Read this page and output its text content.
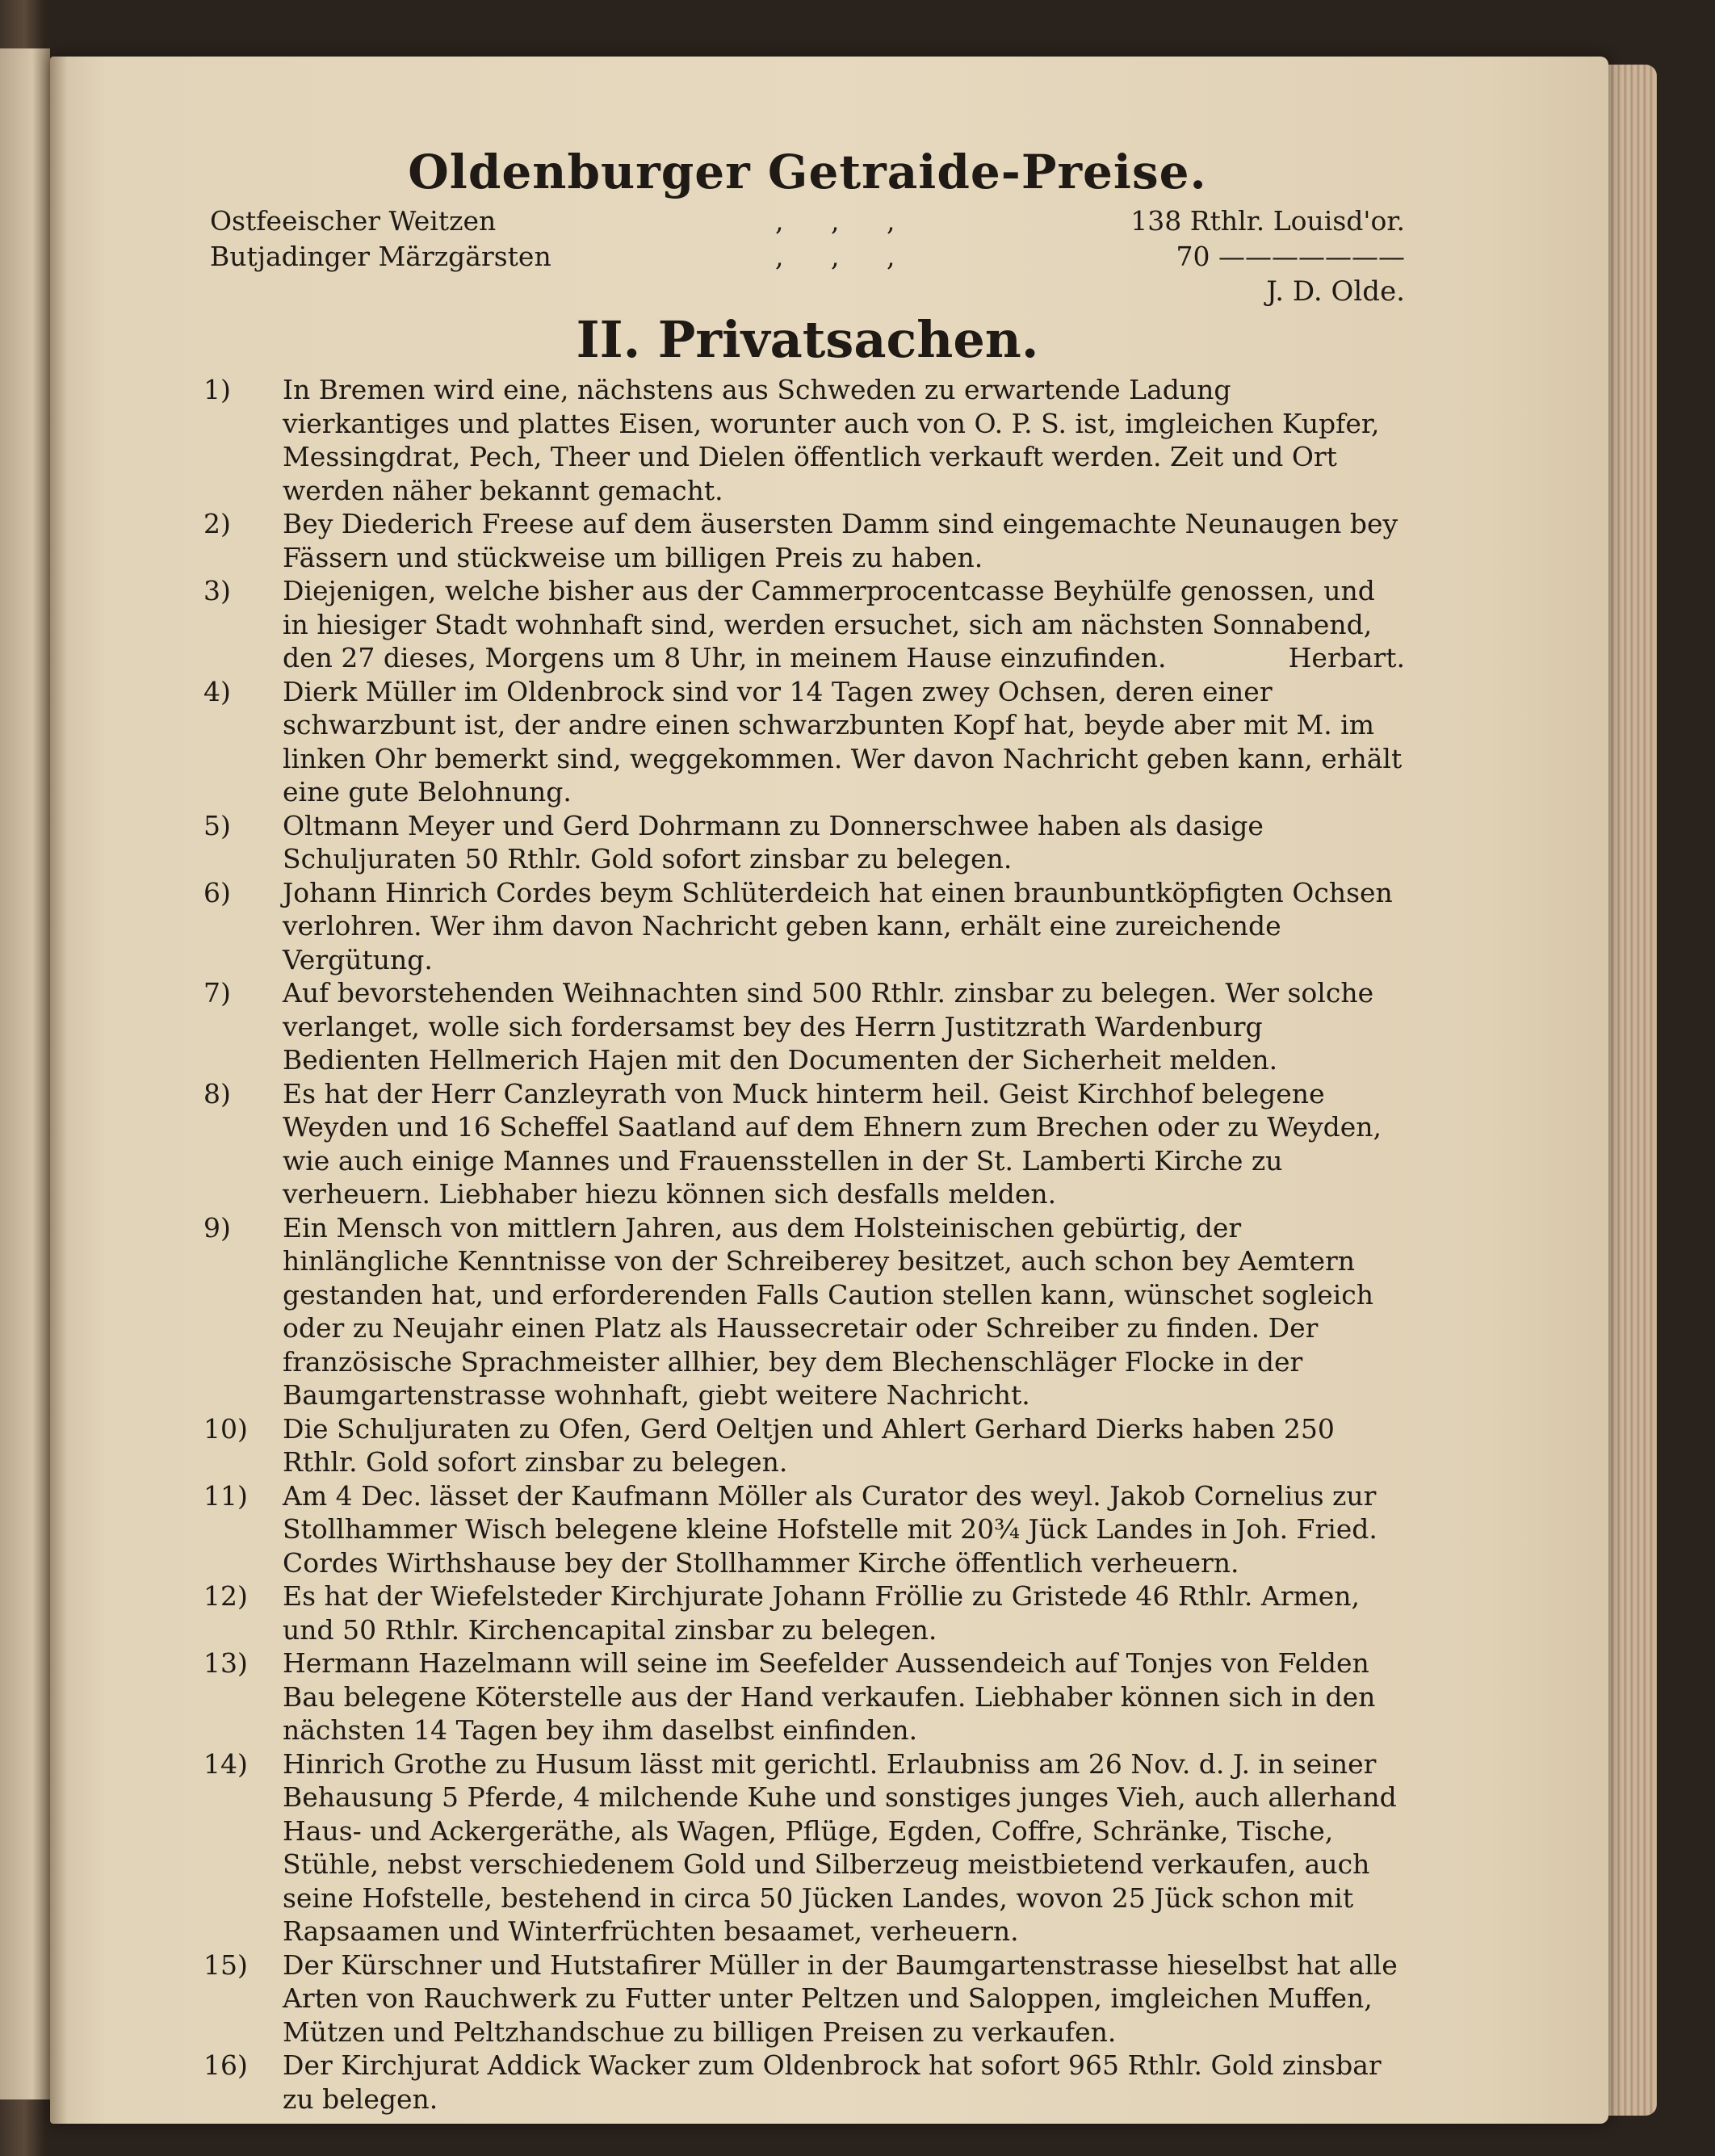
Oldenburger Getraide-Preise.
Ostfeeischer Weitzen	, , ,	138 Rthlr. Louisd'or.
Butjadinger Märzgärsten	, , ,	70 ———————
J. D. Olde.
II. Privatsachen.
1)	In Bremen wird eine, nächstens aus Schweden zu erwartende Ladung vierkantiges und plattes Eisen, worunter auch von O. P. S. ist, imgleichen Kupfer, Messingdrat, Pech, Theer und Dielen öffentlich verkauft werden. Zeit und Ort werden näher bekannt gemacht.
2)	Bey Diederich Freese auf dem äusersten Damm sind eingemachte Neunaugen bey Fässern und stückweise um billigen Preis zu haben.
3)	Diejenigen, welche bisher aus der Cammerprocentcasse Beyhülfe genossen, und in hiesiger Stadt wohnhaft sind, werden ersuchet, sich am nächsten Sonnabend, den 27 dieses, Morgens um 8 Uhr, in meinem Hause einzufinden.	Herbart.
4)	Dierk Müller im Oldenbrock sind vor 14 Tagen zwey Ochsen, deren einer schwarzbunt ist, der andre einen schwarzbunten Kopf hat, beyde aber mit M. im linken Ohr bemerkt sind, weggekommen. Wer davon Nachricht geben kann, erhält eine gute Belohnung.
5)	Oltmann Meyer und Gerd Dohrmann zu Donnerschwee haben als dasige Schuljuraten 50 Rthlr. Gold sofort zinsbar zu belegen.
6)	Johann Hinrich Cordes beym Schlüterdeich hat einen braunbuntköpfigten Ochsen verlohren. Wer ihm davon Nachricht geben kann, erhält eine zureichende Vergütung.
7)	Auf bevorstehenden Weihnachten sind 500 Rthlr. zinsbar zu belegen. Wer solche verlanget, wolle sich fordersamst bey des Herrn Justitzrath Wardenburg Bedienten Hellmerich Hajen mit den Documenten der Sicherheit melden.
8)	Es hat der Herr Canzleyrath von Muck hinterm heil. Geist Kirchhof belegene Weyden und 16 Scheffel Saatland auf dem Ehnern zum Brechen oder zu Weyden, wie auch einige Mannes und Frauensstellen in der St. Lamberti Kirche zu verheuern. Liebhaber hiezu können sich desfalls melden.
9)	Ein Mensch von mittlern Jahren, aus dem Holsteinischen gebürtig, der hinlängliche Kenntnisse von der Schreiberey besitzet, auch schon bey Aemtern gestanden hat, und erforderenden Falls Caution stellen kann, wünschet sogleich oder zu Neujahr einen Platz als Haussecretair oder Schreiber zu finden. Der französische Sprachmeister allhier, bey dem Blechenschläger Flocke in der Baumgartenstrasse wohnhaft, giebt weitere Nachricht.
10)	Die Schuljuraten zu Ofen, Gerd Oeltjen und Ahlert Gerhard Dierks haben 250 Rthlr. Gold sofort zinsbar zu belegen.
11)	Am 4 Dec. lässet der Kaufmann Möller als Curator des weyl. Jakob Cornelius zur Stollhammer Wisch belegene kleine Hofstelle mit 20¾ Jück Landes in Joh. Fried. Cordes Wirthshause bey der Stollhammer Kirche öffentlich verheuern.
12)	Es hat der Wiefelsteder Kirchjurate Johann Fröllie zu Gristede 46 Rthlr. Armen, und 50 Rthlr. Kirchencapital zinsbar zu belegen.
13)	Hermann Hazelmann will seine im Seefelder Aussendeich auf Tonjes von Felden Bau belegene Köterstelle aus der Hand verkaufen. Liebhaber können sich in den nächsten 14 Tagen bey ihm daselbst einfinden.
14)	Hinrich Grothe zu Husum lässt mit gerichtl. Erlaubniss am 26 Nov. d. J. in seiner Behausung 5 Pferde, 4 milchende Kuhe und sonstiges junges Vieh, auch allerhand Haus- und Ackergeräthe, als Wagen, Pflüge, Egden, Coffre, Schränke, Tische, Stühle, nebst verschiedenem Gold und Silberzeug meistbietend verkaufen, auch seine Hofstelle, bestehend in circa 50 Jücken Landes, wovon 25 Jück schon mit Rapsaamen und Winterfrüchten besaamet, verheuern.
15)	Der Kürschner und Hutstafirer Müller in der Baumgartenstrasse hieselbst hat alle Arten von Rauchwerk zu Futter unter Peltzen und Saloppen, imgleichen Muffen, Mützen und Peltzhandschue zu billigen Preisen zu verkaufen.
16)	Der Kirchjurat Addick Wacker zum Oldenbrock hat sofort 965 Rthlr. Gold zinsbar zu belegen.
